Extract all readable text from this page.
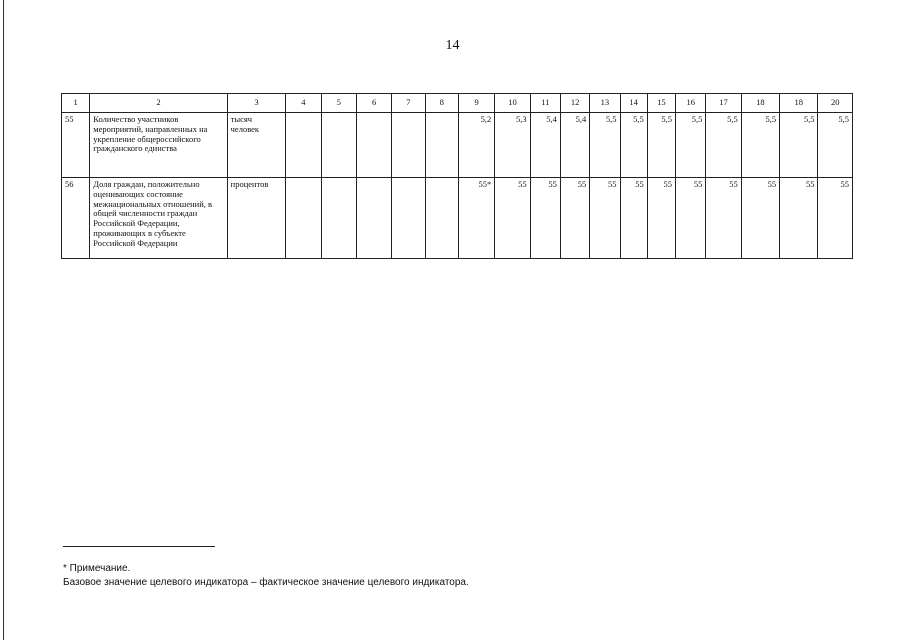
14
1	2	3	4	5	6	7	8	9	10	11	12	13	14	15	16	17	18	18	20
55	Количество участников мероприятий, направленных на укрепление общероссийского гражданского единства	тысяч человек						5,2	5,3	5,4	5,4	5,5	5,5	5,5	5,5	5,5	5,5	5,5	5,5
56	Доля граждан, положительно оценивающих состояние межнациональных отношений, в общей численности граждан Российской Федерации, проживающих в субъекте Российской Федерации	процентов						55*	55	55	55	55	55	55	55	55	55	55	55
* Примечание.
Базовое значение целевого индикатора – фактическое значение целевого индикатора.
